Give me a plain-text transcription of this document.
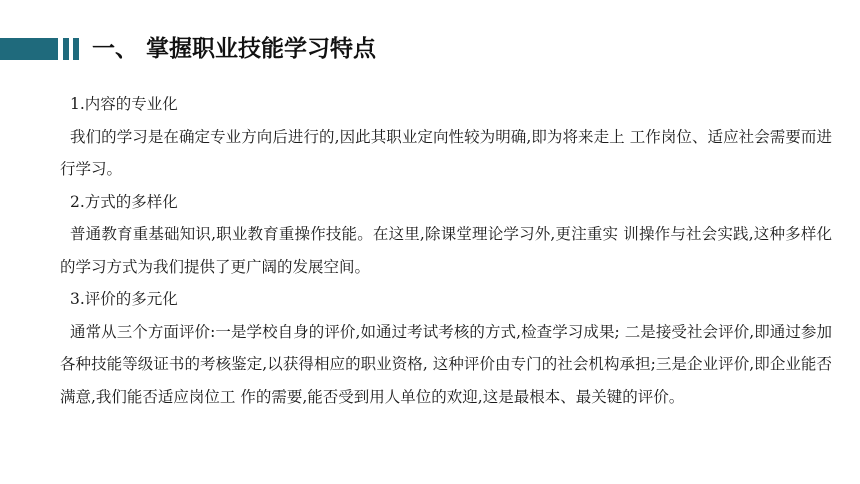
一、 掌握职业技能学习特点
1.内容的专业化

我们的学习是在确定专业方向后进行的,因此其职业定向性较为明确,即为将来走上 工作岗位、适应社会需要而进行学习。

2.方式的多样化

普通教育重基础知识,职业教育重操作技能。在这里,除课堂理论学习外,更注重实 训操作与社会实践,这种多样化的学习方式为我们提供了更广阔的发展空间。

3.评价的多元化

通常从三个方面评价:一是学校自身的评价,如通过考试考核的方式,检查学习成果; 二是接受社会评价,即通过参加各种技能等级证书的考核鉴定,以获得相应的职业资格, 这种评价由专门的社会机构承担;三是企业评价,即企业能否满意,我们能否适应岗位工 作的需要,能否受到用人单位的欢迎,这是最根本、最关键的评价。
